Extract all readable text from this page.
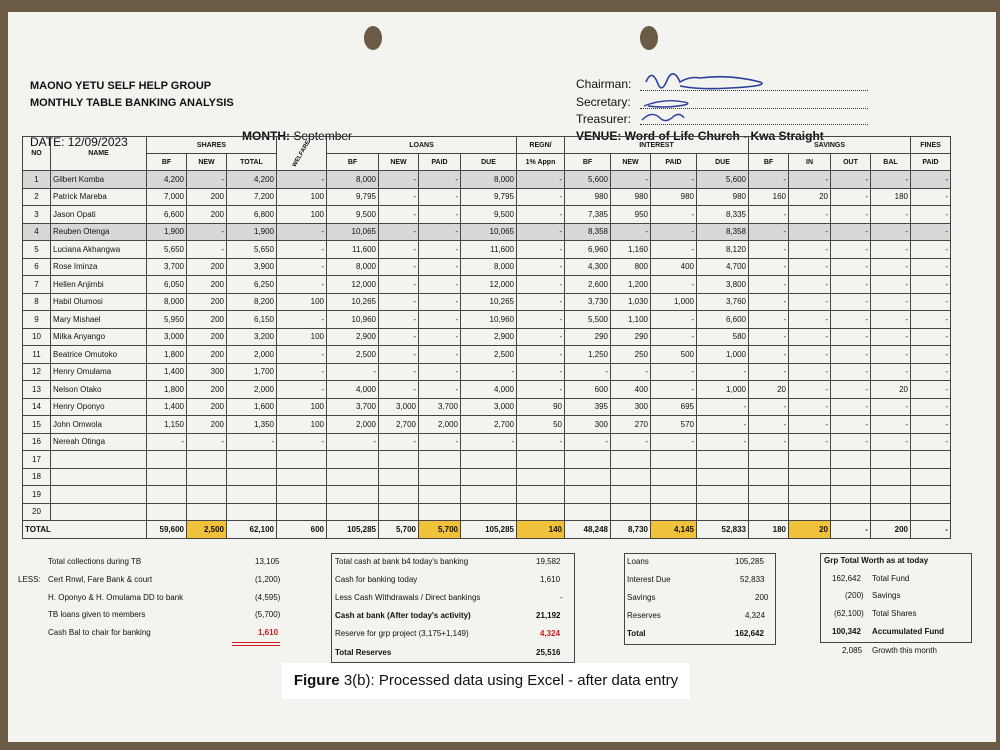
MAONO YETU SELF HELP GROUP
MONTHLY TABLE BANKING ANALYSIS
DATE: 12/09/2023	MONTH: September
Chairman:
Secretary:
Treasurer:
VENUE: Word of Life Church - Kwa Straight
NO	NAME	SHARES			WELFARE	LOANS				REGN/	INTEREST				SAVINGS				FINES
		BF	NEW	TOTAL		BF	NEW	PAID	DUE	1% Appn	BF	NEW	PAID	DUE	BF	IN	OUT	BAL	PAID
1	Gilbert Komba	4,200	-	4,200	-	8,000	-	-	8,000	-	5,600	-	-	5,600	-	-	-	-	-
2	Patrick Mareba	7,000	200	7,200	100	9,795	-	-	9,795	-	980	980	980	980	160	20	-	180	-
3	Jason Opati	6,600	200	6,800	100	9,500	-	-	9,500	-	7,385	950	-	8,335	-	-	-	-	-
4	Reuben Otenga	1,900	-	1,900	-	10,065	-	-	10,065	-	8,358	-	-	8,358	-	-	-	-	-
5	Luciana Akhangwa	5,650	-	5,650	-	11,600	-	-	11,600	-	6,960	1,160	-	8,120	-	-	-	-	-
6	Rose Iminza	3,700	200	3,900	-	8,000	-	-	8,000	-	4,300	800	400	4,700	-	-	-	-	-
7	Hellen Anjimbi	6,050	200	6,250	-	12,000	-	-	12,000	-	2,600	1,200	-	3,800	-	-	-	-	-
8	Habil Olumosi	8,000	200	8,200	100	10,265	-	-	10,265	-	3,730	1,030	1,000	3,760	-	-	-	-	-
9	Mary Mishael	5,950	200	6,150	-	10,960	-	-	10,960	-	5,500	1,100	-	6,600	-	-	-	-	-
10	Milka Anyango	3,000	200	3,200	100	2,900	-	-	2,900	-	290	290	-	580	-	-	-	-	-
11	Beatrice Omutoko	1,800	200	2,000	-	2,500	-	-	2,500	-	1,250	250	500	1,000	-	-	-	-	-
12	Henry Omulama	1,400	300	1,700	-	-	-	-	-	-	-	-	-	-	-	-	-	-	-
13	Nelson Otako	1,800	200	2,000	-	4,000	-	-	4,000	-	600	400	-	1,000	20	-	-	20	-
14	Henry Oponyo	1,400	200	1,600	100	3,700	3,000	3,700	3,000	90	395	300	695	-	-	-	-	-	-
15	John Omwola	1,150	200	1,350	100	2,000	2,700	2,000	2,700	50	300	270	570	-	-	-	-	-	-
16	Nereah Otinga	-	-	-	-	-	-	-	-	-	-	-	-	-	-	-	-	-	-
17																			
18																			
19																			
20																			
TOTAL		59,600	2,500	62,100	600	105,285	5,700	5,700	105,285	140	48,248	8,730	4,145	52,833	180	20	-	200	-
Total collections during TB	13,105
LESS: Cert Rnwl, Fare Bank & court	(1,200)
H. Oponyo & H. Omulama DD to bank	(4,595)
TB loans given to members	(5,700)
Cash Bal to chair for banking	1,610
Total cash at bank b4 today's banking	19,582
Cash for banking today	1,610
Less Cash Withdrawals / Direct bankings	-
Cash at bank (After today's activity)	21,192
Reserve for grp project (3,175+1,149)	4,324
Total Reserves	25,516
Loans	105,285
Interest Due	52,833
Savings	200
Reserves	4,324
Total	162,642
Grp Total Worth as at today
162,642 Total Fund
(200) Savings
(62,100) Total Shares
100,342 Accumulated Fund
2,085 Growth this month
Figure 3(b): Processed data using Excel - after data entry
